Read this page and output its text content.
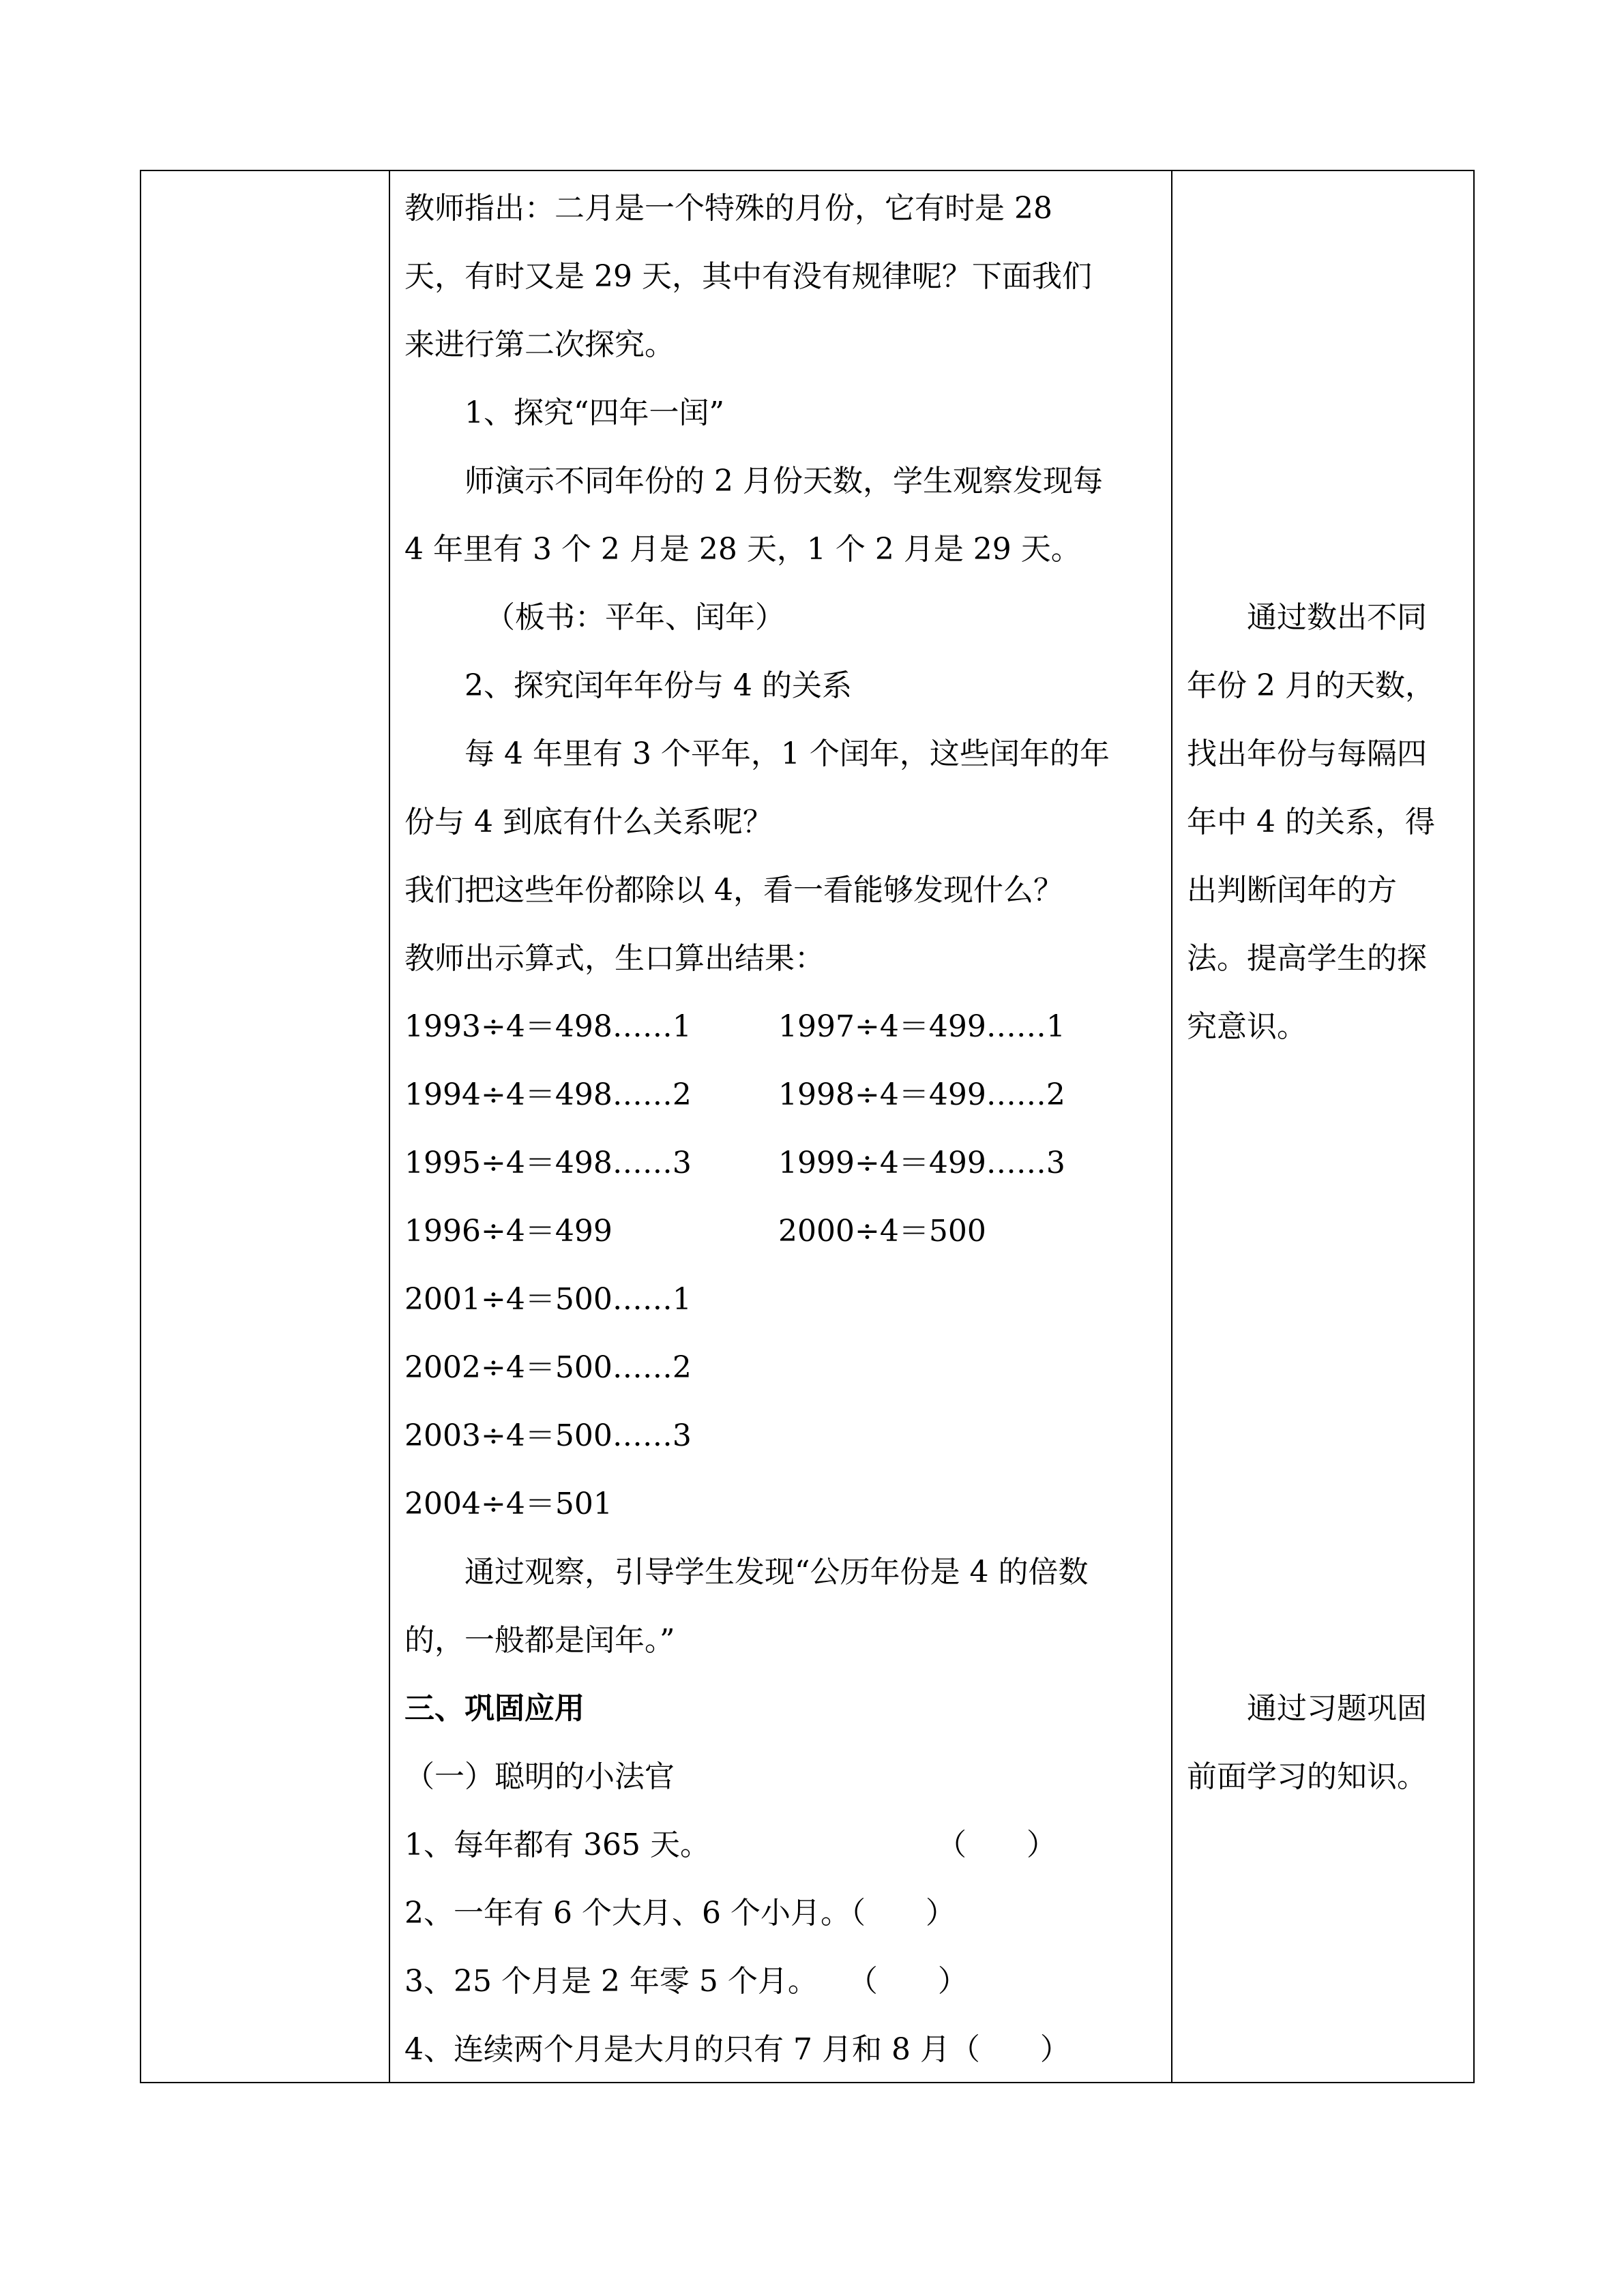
教师指出：二月是一个特殊的月份，它有时是 28
天，有时又是 29 天，其中有没有规律呢？下面我们
来进行第二次探究。
1、探究“四年一闰”
师演示不同年份的 2 月份天数，学生观察发现每
4 年里有 3 个 2 月是 28 天，1 个 2 月是 29 天。
（板书：平年、闰年）
2、探究闰年年份与 4 的关系
每 4 年里有 3 个平年，1 个闰年，这些闰年的年
份与 4 到底有什么关系呢？
我们把这些年份都除以 4，看一看能够发现什么？
教师出示算式，生口算出结果：
1993÷4＝498……1	1997÷4＝499……1
1994÷4＝498……2	1998÷4＝499……2
1995÷4＝498……3	1999÷4＝499……3
1996÷4＝499	2000÷4＝500
2001÷4＝500……1
2002÷4＝500……2
2003÷4＝500……3
2004÷4＝501
通过观察，引导学生发现“公历年份是 4 的倍数
的，一般都是闰年。”
三、巩固应用
（一）聪明的小法官
1、每年都有 365 天。	（　　）
2、一年有 6 个大月、6 个小月。（　　）
3、25 个月是 2 年零 5 个月。　　（　　）
4、连续两个月是大月的只有 7 月和 8 月（　　）
通过数出不同
年份 2 月的天数，
找出年份与每隔四
年中 4 的关系，得
出判断闰年的方
法。提高学生的探
究意识。
通过习题巩固
前面学习的知识。
